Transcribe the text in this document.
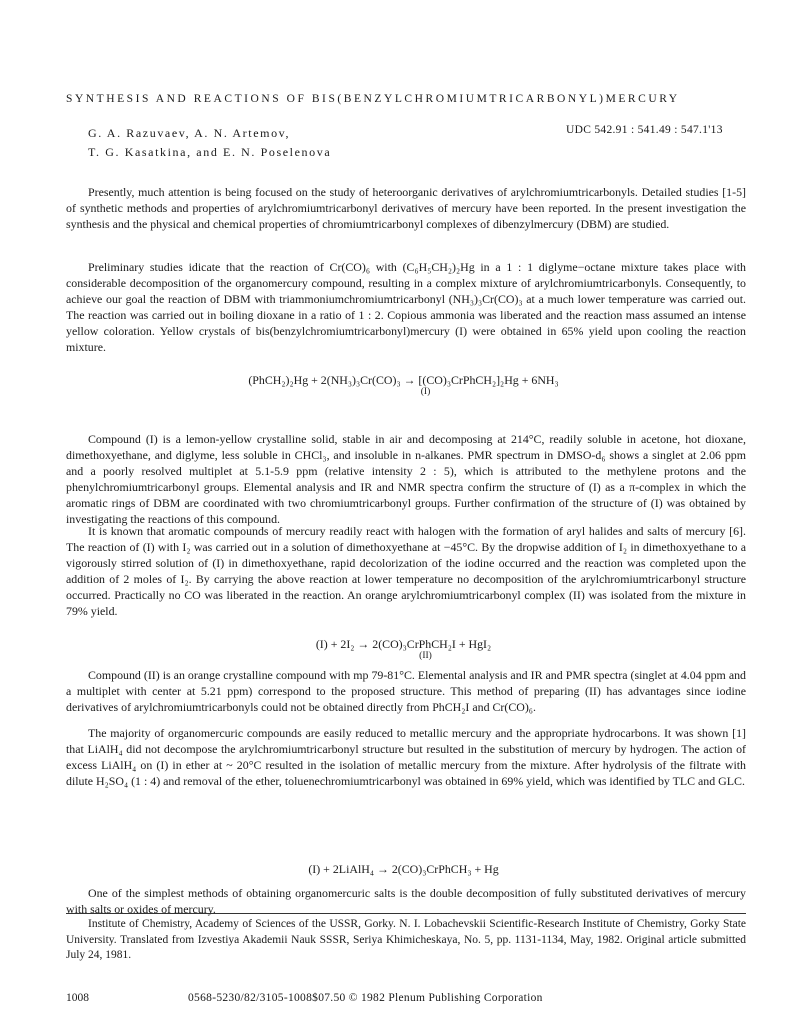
SYNTHESIS AND REACTIONS OF BIS(BENZYLCHROMIUMTRICARBONYL)MERCURY
G. A. Razuvaev, A. N. Artemov,
T. G. Kasatkina, and E. N. Poselenova
UDC 542.91 : 541.49 : 547.1'13

Presently, much attention is being focused on the study of heteroorganic derivatives of arylchromiumtricarbonyls. Detailed studies [1-5] of synthetic methods and properties of arylchromiumtricarbonyl derivatives of mercury have been reported. In the present investigation the synthesis and the physical and chemical properties of chromiumtricarbonyl complexes of dibenzylmercury (DBM) are studied.

Preliminary studies idicate that the reaction of Cr(CO)₆ with (C₆H₅CH₂)₂Hg in a 1 : 1 diglyme−octane mixture takes place with considerable decomposition of the organomercury compound, resulting in a complex mixture of arylchromiumtricarbonyls. Consequently, to achieve our goal the reaction of DBM with triammoniumchromiumtricarbonyl (NH₃)₃Cr(CO)₃ at a much lower temperature was carried out. The reaction was carried out in boiling dioxane in a ratio of 1 : 2. Copious ammonia was liberated and the reaction mass assumed an intense yellow coloration. Yellow crystals of bis(benzylchromiumtricarbonyl)mercury (I) were obtained in 65% yield upon cooling the reaction mixture.

(PhCH₂)₂Hg + 2(NH₃)₃Cr(CO)₃ → [(CO)₃CrPhCH₂]₂Hg + 6NH₃
(I)

Compound (I) is a lemon-yellow crystalline solid, stable in air and decomposing at 214°C, readily soluble in acetone, hot dioxane, dimethoxyethane, and diglyme, less soluble in CHCl₃, and insoluble in n-alkanes. PMR spectrum in DMSO-d₆ shows a singlet at 2.06 ppm and a poorly resolved multiplet at 5.1-5.9 ppm (relative intensity 2 : 5), which is attributed to the methylene protons and the phenylchromiumtricarbonyl groups. Elemental analysis and IR and NMR spectra confirm the structure of (I) as a π-complex in which the aromatic rings of DBM are coordinated with two chromiumtricarbonyl groups. Further confirmation of the structure of (I) was obtained by investigating the reactions of this compound.

It is known that aromatic compounds of mercury readily react with halogen with the formation of aryl halides and salts of mercury [6]. The reaction of (I) with I₂ was carried out in a solution of dimethoxyethane at −45°C. By the dropwise addition of I₂ in dimethoxyethane to a vigorously stirred solution of (I) in dimethoxyethane, rapid decolorization of the iodine occurred and the reaction was completed upon the addition of 2 moles of I₂. By carrying the above reaction at lower temperature no decomposition of the arylchromiumtricarbonyl structure occurred. Practically no CO was liberated in the reaction. An orange arylchromiumtricarbonyl complex (II) was isolated from the mixture in 79% yield.

(I) + 2I₂ → 2(CO)₃CrPhCH₂I + HgI₂
(II)

Compound (II) is an orange crystalline compound with mp 79-81°C. Elemental analysis and IR and PMR spectra (singlet at 4.04 ppm and a multiplet with center at 5.21 ppm) correspond to the proposed structure. This method of preparing (II) has advantages since iodine derivatives of arylchromiumtricarbonyls could not be obtained directly from PhCH₂I and Cr(CO)₆.

The majority of organomercuric compounds are easily reduced to metallic mercury and the appropriate hydrocarbons. It was shown [1] that LiAlH₄ did not decompose the arylchromiumtricarbonyl structure but resulted in the substitution of mercury by hydrogen. The action of excess LiAlH₄ on (I) in ether at ~ 20°C resulted in the isolation of metallic mercury from the mixture. After hydrolysis of the filtrate with dilute H₂SO₄ (1 : 4) and removal of the ether, toluenechromiumtricarbonyl was obtained in 69% yield, which was identified by TLC and GLC.

(I) + 2LiAlH₄ → 2(CO)₃CrPhCH₃ + Hg

One of the simplest methods of obtaining organomercuric salts is the double decomposition of fully substituted derivatives of mercury with salts or oxides of mercury.

Institute of Chemistry, Academy of Sciences of the USSR, Gorky. N. I. Lobachevskii Scientific-Research Institute of Chemistry, Gorky State University. Translated from Izvestiya Akademii Nauk SSSR, Seriya Khimicheskaya, No. 5, pp. 1131-1134, May, 1982. Original article submitted July 24, 1981.

1008	0568-5230/82/3105-1008$07.50 © 1982 Plenum Publishing Corporation
